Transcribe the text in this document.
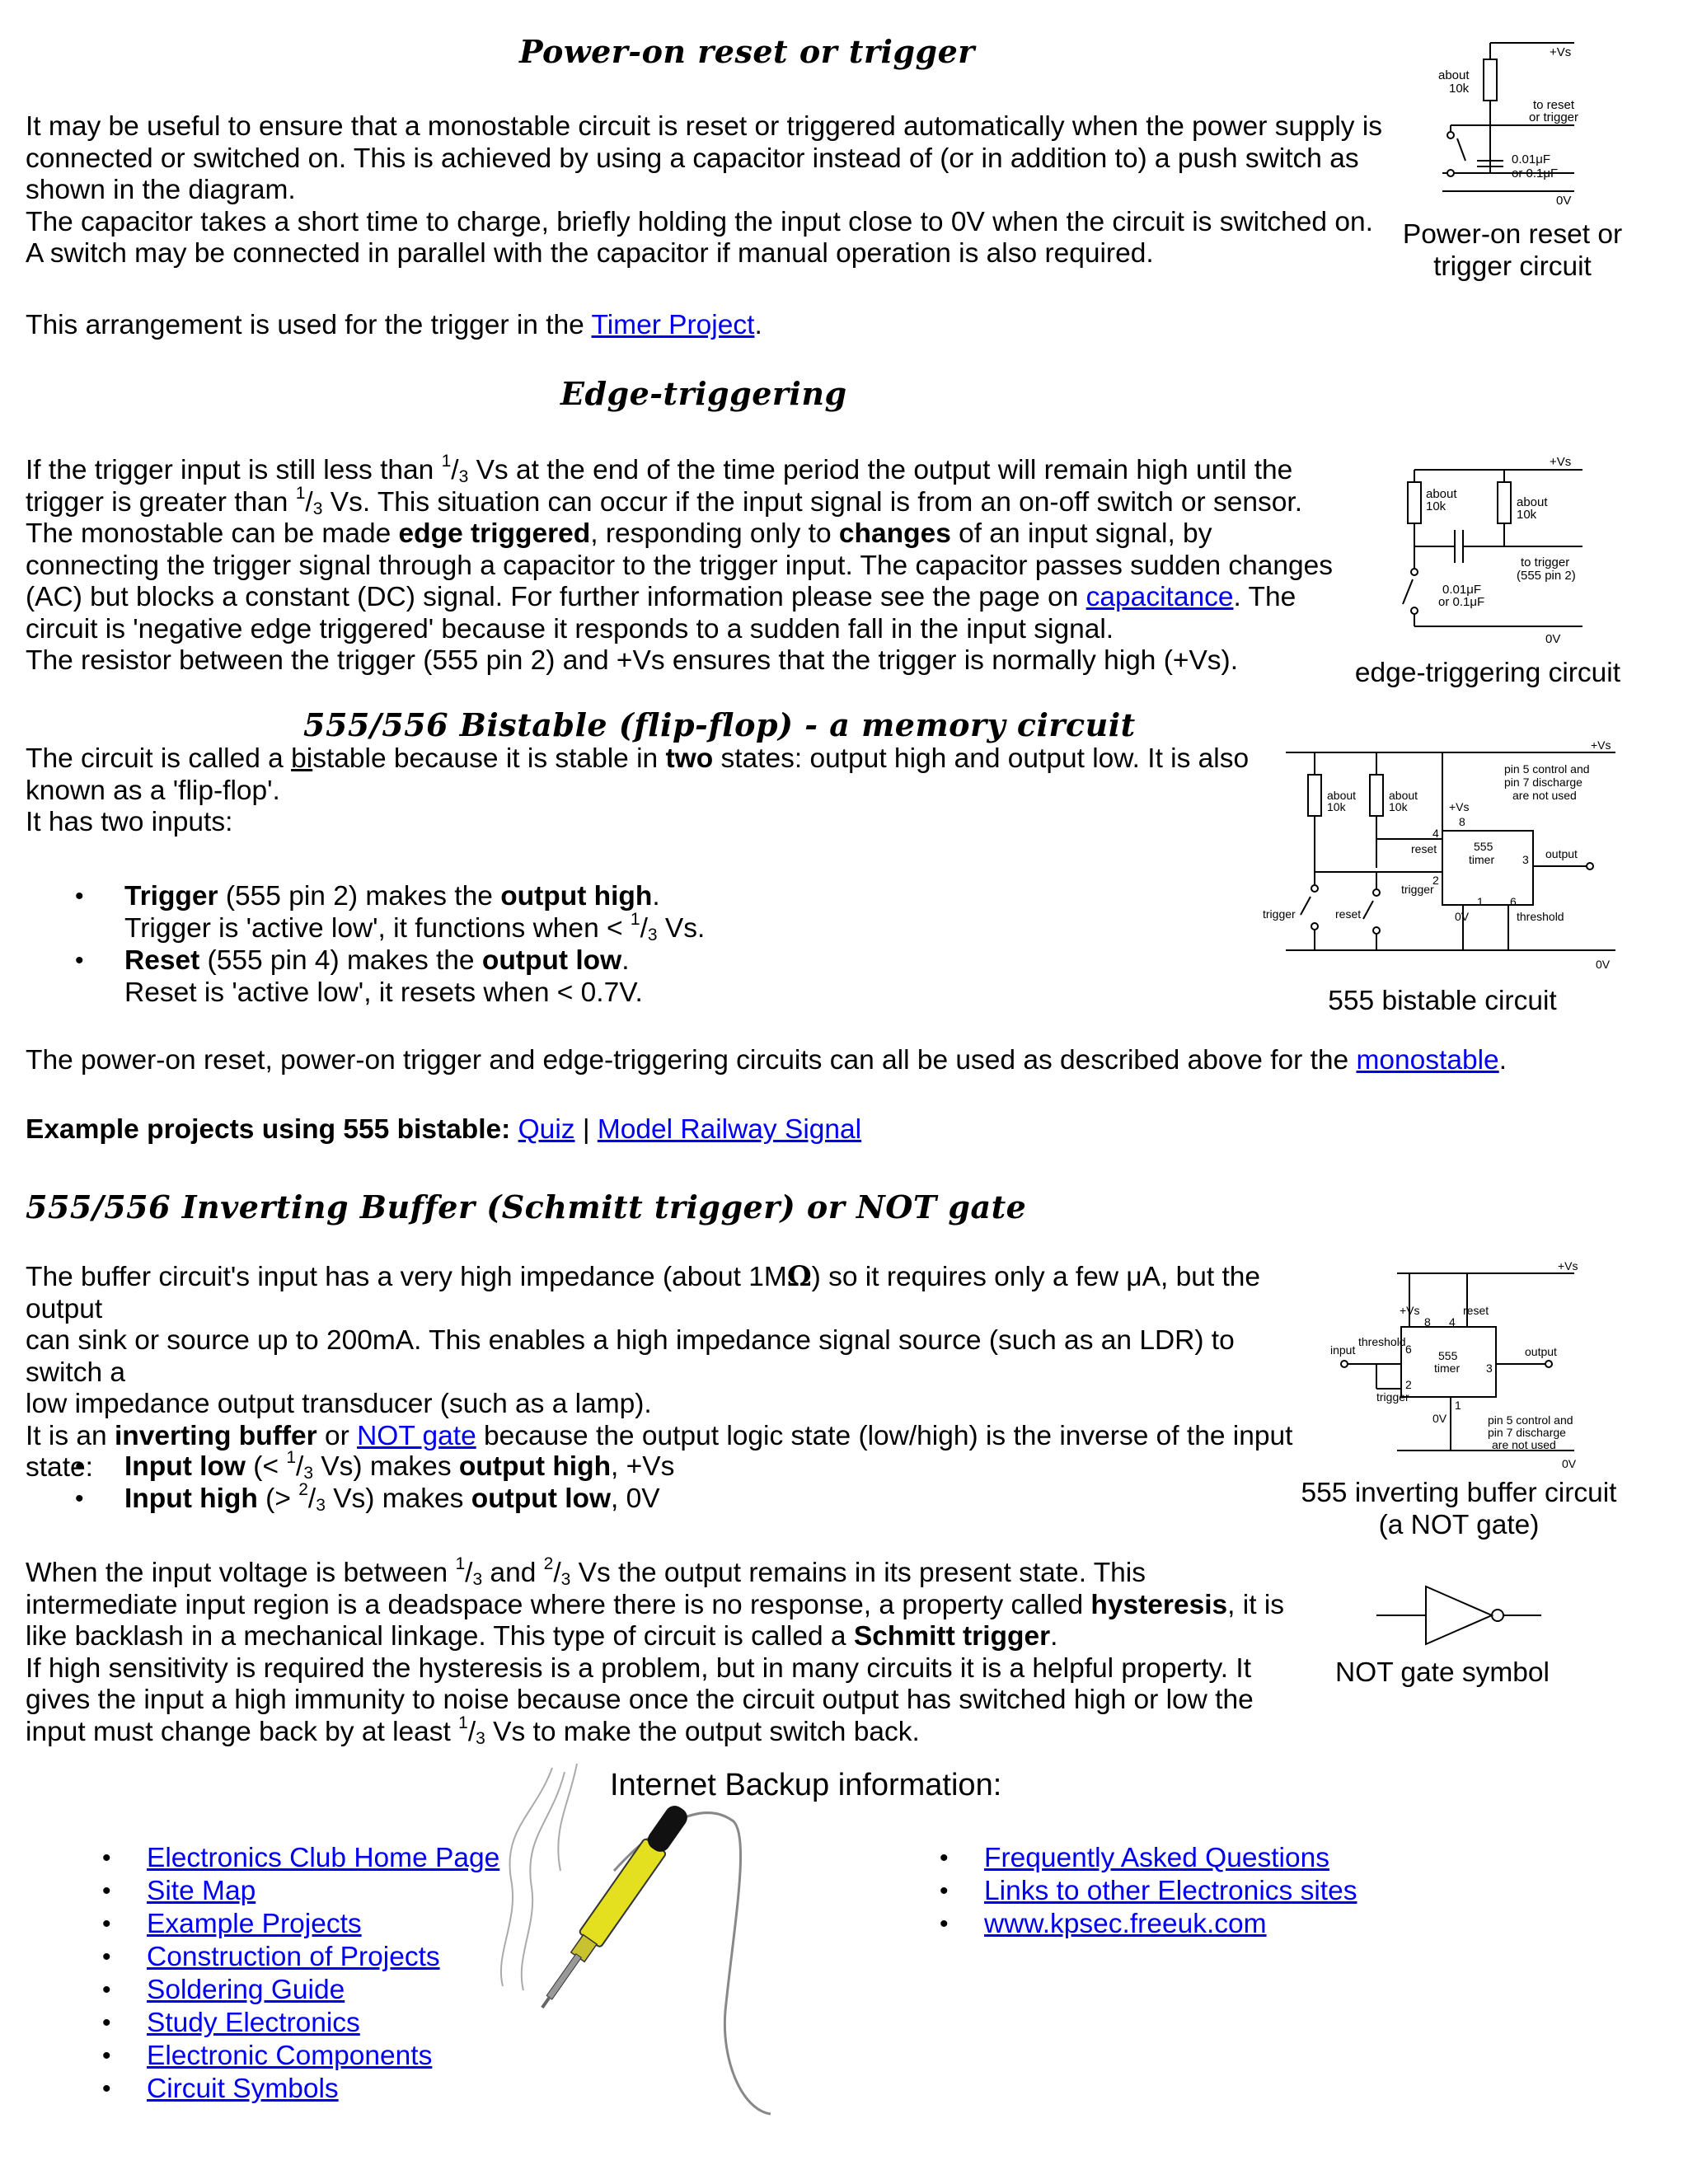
Power-on reset or trigger

It may be useful to ensure that a monostable circuit is reset or triggered automatically when the power supply is

connected or switched on. This is achieved by using a capacitor instead of (or in addition to) a push switch as

shown in the diagram.

The capacitor takes a short time to charge, briefly holding the input close to 0V when the circuit is switched on.

A switch may be connected in parallel with the capacitor if manual operation is also required.

This arrangement is used for the trigger in the Timer Project.
+Vs
about
10k
to reset
or trigger
0.01μF
or 0.1μF
0V
Power-on reset or
trigger circuit
Edge-triggering

If the trigger input is still less than $^1/_3$ Vs at the end of the time period the output will remain high until the

trigger is greater than $^1/_3$ Vs. This situation can occur if the input signal is from an on-off switch or sensor.

The monostable can be made edge triggered, responding only to changes of an input signal, by

connecting the trigger signal through a capacitor to the trigger input. The capacitor passes sudden changes

(AC) but blocks a constant (DC) signal. For further information please see the page on capacitance. The

circuit is 'negative edge triggered' because it responds to a sudden fall in the input signal.

The resistor between the trigger (555 pin 2) and +Vs ensures that the trigger is normally high (+Vs).

+Vs
about
10k	about
10k
to trigger
(555 pin 2)
0.01μF
or 0.1μF
0V
edge-triggering circuit
555/556 Bistable (flip-flop) - a memory circuit

The circuit is called a bistable because it is stable in two states: output high and output low. It is also

known as a 'flip-flop'.

It has two inputs:

• Trigger (555 pin 2) makes the output high.
Trigger is 'active low', it functions when < $^1/_3$ Vs.
• Reset (555 pin 4) makes the output low.
Reset is 'active low', it resets when < 0.7V.
+Vs
pin 5 control and
pin 7 discharge
are not used
about
10k
about
10k	+Vs
8
4
reset	555
timer 3 output
2
trigger
1 6
0V	threshold
trigger	reset
0V
555 bistable circuit
The power-on reset, power-on trigger and edge-triggering circuits can all be used as described above for the monostable.
Example projects using 555 bistable: Quiz | Model Railway Signal
555/556 Inverting Buffer (Schmitt trigger) or NOT gate

The buffer circuit's input has a very high impedance (about 1MΩ) so it requires only a few μA, but the output

can sink or source up to 200mA. This enables a high impedance signal source (such as an LDR) to switch a

low impedance output transducer (such as a lamp).

It is an inverting buffer or NOT gate because the output logic state (low/high) is the inverse of the input

state:

•	Input low (< $^1/_3$ Vs) makes output high, +Vs
• Input high (> $^2/_3$ Vs) makes output low, 0V

When the input voltage is between $^1/_3$ and $^2/_3$ Vs the output remains in its present state. This

intermediate input region is a deadspace where there is no response, a property called hysteresis, it is

like backlash in a mechanical linkage. This type of circuit is called a Schmitt trigger.

If high sensitivity is required the hysteresis is a problem, but in many circuits it is a helpful property. It

gives the input a high immunity to noise because once the circuit output has switched high or low the

input must change back by at least $^1/_3$ Vs to make the output switch back.

+Vs
+Vs	reset
8 4
input
threshold
6 555
timer 3
output
2
trigger
1
0V	pin 5 control and
pin 7 discharge
are not used
0V
555 inverting buffer circuit
(a NOT gate)
NOT gate symbol
Internet Backup information:
• Electronics Club Home Page
• Site Map
• Example Projects
• Construction of Projects
• Soldering Guide
• Study Electronics
• Electronic Components
• Circuit Symbols
• Frequently Asked Questions
• Links to other Electronics sites
• www.kpsec.freeuk.com
